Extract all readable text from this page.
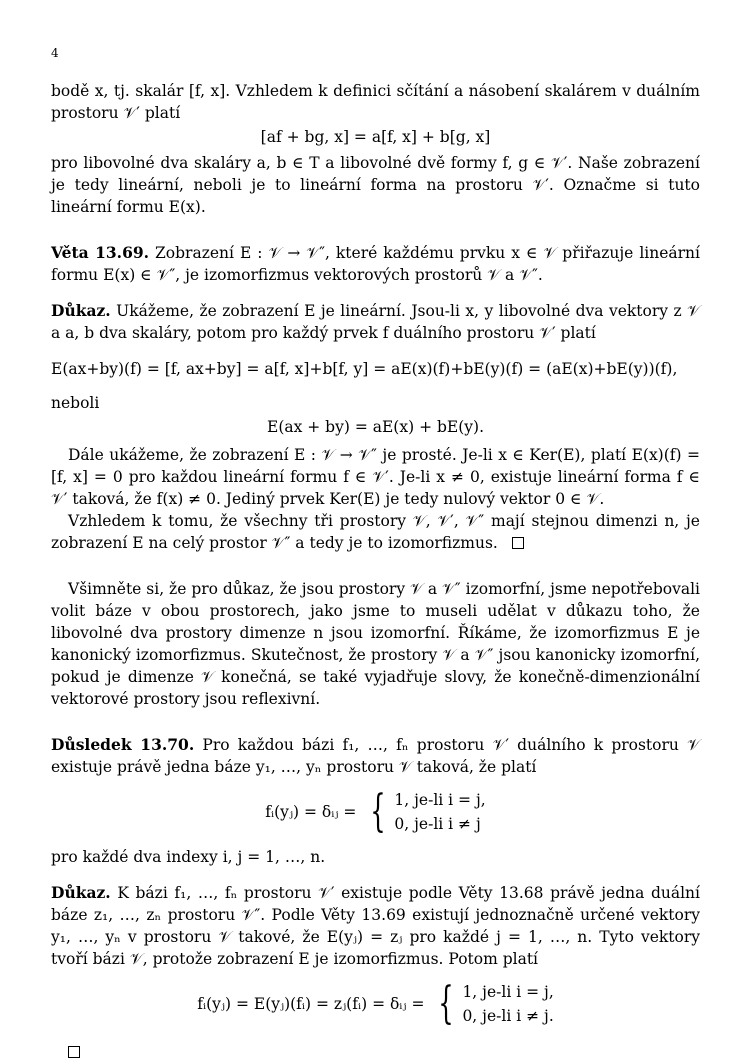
4

bodě x, tj. skalár [f, x]. Vzhledem k definici sčítání a násobení skalárem v duálním prostoru 𝒱′ platí

[af + bg, x] = a[f, x] + b[g, x]

pro libovolné dva skaláry a, b ∈ T a libovolné dvě formy f, g ∈ 𝒱′. Naše zobrazení je tedy lineární, neboli je to lineární forma na prostoru 𝒱′. Označme si tuto lineární formu E(x).

Věta 13.69. Zobrazení E : 𝒱 → 𝒱″, které každému prvku x ∈ 𝒱 přiřazuje lineární formu E(x) ∈ 𝒱″, je izomorfizmus vektorových prostorů 𝒱 a 𝒱″.

Důkaz. Ukážeme, že zobrazení E je lineární. Jsou-li x, y libovolné dva vektory z 𝒱 a a, b dva skaláry, potom pro každý prvek f duálního prostoru 𝒱′ platí

E(ax+by)(f) = [f, ax+by] = a[f, x]+b[f, y] = aE(x)(f)+bE(y)(f) = (aE(x)+bE(y))(f),

neboli

E(ax + by) = aE(x) + bE(y).

Dále ukážeme, že zobrazení E : 𝒱 → 𝒱″ je prosté. Je-li x ∈ Ker(E), platí E(x)(f) = [f, x] = 0 pro každou lineární formu f ∈ 𝒱′. Je-li x ≠ 0, existuje lineární forma f ∈ 𝒱′ taková, že f(x) ≠ 0. Jediný prvek Ker(E) je tedy nulový vektor 0 ∈ 𝒱.

Vzhledem k tomu, že všechny tři prostory 𝒱, 𝒱′, 𝒱″ mají stejnou dimenzi n, je zobrazení E na celý prostor 𝒱″ a tedy je to izomorfizmus.

Všimněte si, že pro důkaz, že jsou prostory 𝒱 a 𝒱″ izomorfní, jsme nepotřebovali volit báze v obou prostorech, jako jsme to museli udělat v důkazu toho, že libovolné dva prostory dimenze n jsou izomorfní. Říkáme, že izomorfizmus E je kanonický izomorfizmus. Skutečnost, že prostory 𝒱 a 𝒱″ jsou kanonicky izomorfní, pokud je dimenze 𝒱 konečná, se také vyjadřuje slovy, že konečně-dimenzionální vektorové prostory jsou reflexivní.

Důsledek 13.70. Pro každou bázi f₁, …, fₙ prostoru 𝒱′ duálního k prostoru 𝒱 existuje právě jedna báze y₁, …, yₙ prostoru 𝒱 taková, že platí

fᵢ(yⱼ) = δᵢⱼ = { 1, je-li i = j,
0, je-li i ≠ j

pro každé dva indexy i, j = 1, …, n.

Důkaz. K bázi f₁, …, fₙ prostoru 𝒱′ existuje podle Věty 13.68 právě jedna duální báze z₁, …, zₙ prostoru 𝒱″. Podle Věty 13.69 existují jednoznačně určené vektory y₁, …, yₙ v prostoru 𝒱 takové, že E(yⱼ) = zⱼ pro každé j = 1, …, n. Tyto vektory tvoří bázi 𝒱, protože zobrazení E je izomorfizmus. Potom platí

fᵢ(yⱼ) = E(yⱼ)(fᵢ) = zⱼ(fᵢ) = δᵢⱼ = { 1, je-li i = j,
0, je-li i ≠ j.
